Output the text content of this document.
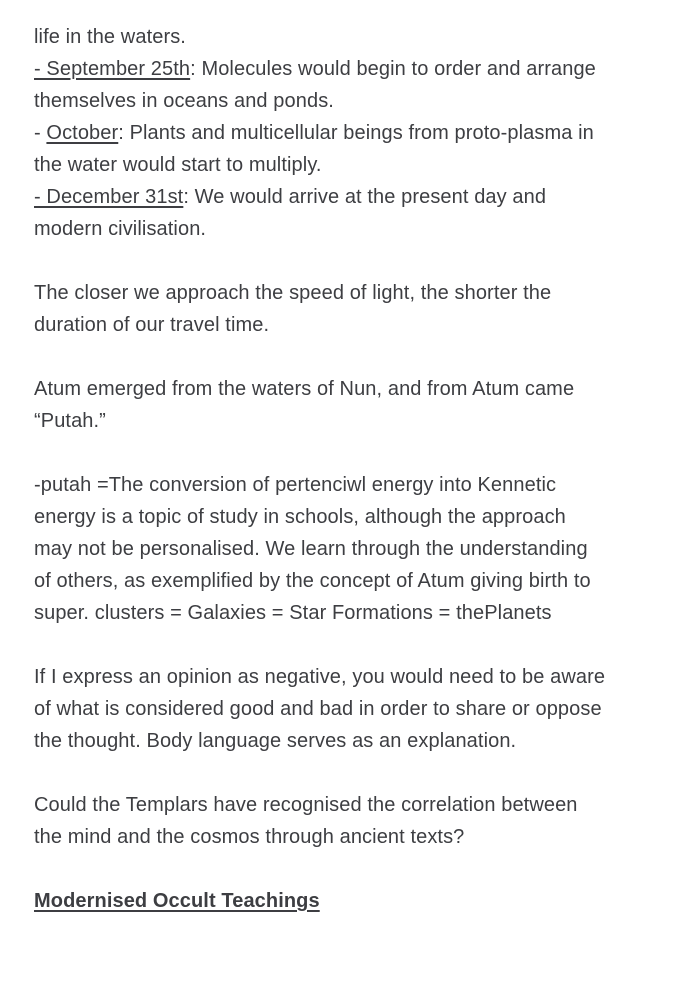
life in the waters.

- September 25th: Molecules would begin to order and arrange

themselves in oceans and ponds.

- October: Plants and multicellular beings from proto-plasma in

the water would start to multiply.

- December 31st: We would arrive at the present day and

modern civilisation.

The closer we approach the speed of light, the shorter the

duration of our travel time.

Atum emerged from the waters of Nun, and from Atum came

“Putah.”

-putah =The conversion of pertenciwl energy into Kennetic

energy is a topic of study in schools, although the approach

may not be personalised. We learn through the understanding

of others, as exemplified by the concept of Atum giving birth to

super. clusters = Galaxies = Star Formations = thePlanets

If I express an opinion as negative, you would need to be aware

of what is considered good and bad in order to share or oppose

the thought. Body language serves as an explanation.

Could the Templars have recognised the correlation between

the mind and the cosmos through ancient texts?

Modernised Occult Teachings
